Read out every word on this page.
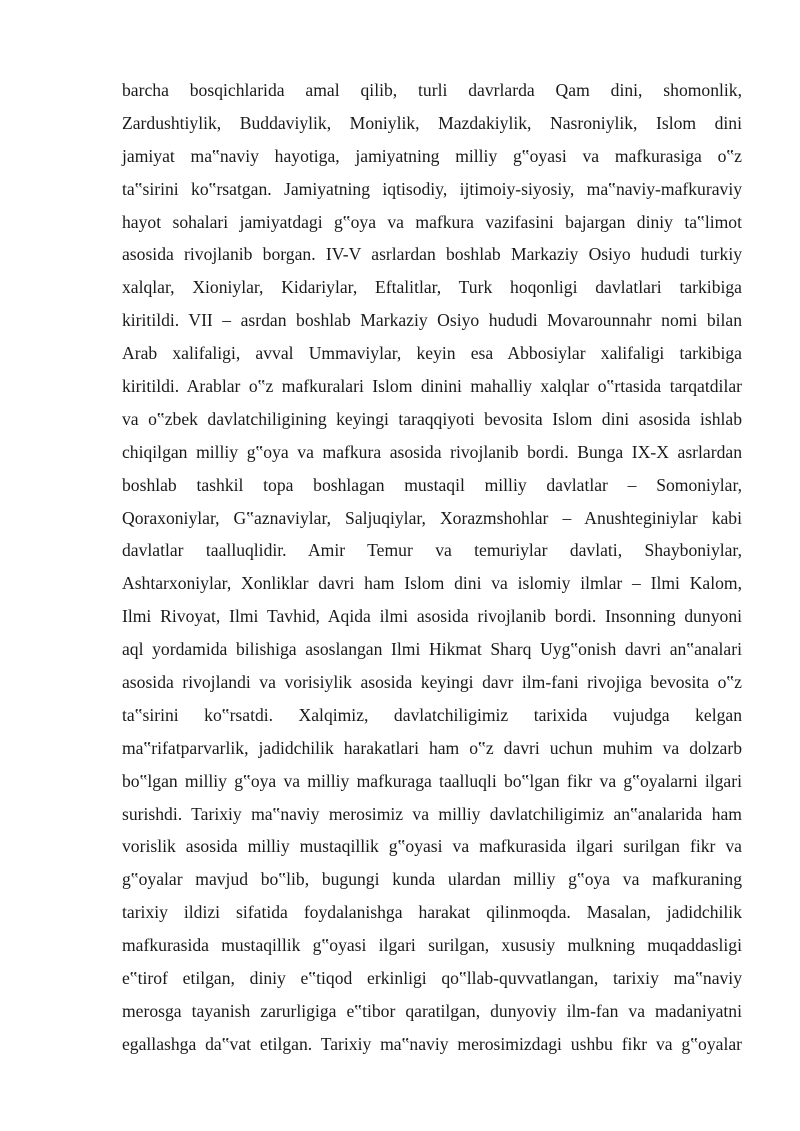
barcha bosqichlarida amal qilib, turli davrlarda Qam dini, shomonlik,
Zardushtiylik, Buddaviylik, Moniylik, Mazdakiylik, Nasroniylik, Islom dini
jamiyat ma‟naviy hayotiga, jamiyatning milliy g‟oyasi va mafkurasiga o‟z
ta‟sirini ko‟rsatgan. Jamiyatning iqtisodiy, ijtimoiy-siyosiy, ma‟naviy-mafkuraviy
hayot sohalari jamiyatdagi g‟oya va mafkura vazifasini bajargan diniy ta‟limot
asosida rivojlanib borgan. IV-V asrlardan boshlab Markaziy Osiyo hududi turkiy
xalqlar, Xioniylar, Kidariylar, Eftalitlar, Turk hoqonligi davlatlari tarkibiga
kiritildi. VII – asrdan boshlab Markaziy Osiyo hududi Movarounnahr nomi bilan
Arab xalifaligi, avval Ummaviylar, keyin esa Abbosiylar xalifaligi tarkibiga
kiritildi. Arablar o‟z mafkuralari Islom dinini mahalliy xalqlar o‟rtasida tarqatdilar
va o‟zbek davlatchiligining keyingi taraqqiyoti bevosita Islom dini asosida ishlab
chiqilgan milliy g‟oya va mafkura asosida rivojlanib bordi. Bunga IX-X asrlardan
boshlab tashkil topa boshlagan mustaqil milliy davlatlar – Somoniylar,
Qoraxoniylar, G‟aznaviylar, Saljuqiylar, Xorazmshohlar – Anushteginiylar kabi
davlatlar taalluqlidir. Amir Temur va temuriylar davlati, Shayboniylar,
Ashtarxoniylar, Xonliklar davri ham Islom dini va islomiy ilmlar – Ilmi Kalom,
Ilmi Rivoyat, Ilmi Tavhid, Aqida ilmi asosida rivojlanib bordi. Insonning dunyoni
aql yordamida bilishiga asoslangan Ilmi Hikmat Sharq Uyg‟onish davri an‟analari
asosida rivojlandi va vorisiylik asosida keyingi davr ilm-fani rivojiga bevosita o‟z
ta‟sirini ko‟rsatdi. Xalqimiz, davlatchiligimiz tarixida vujudga kelgan
ma‟rifatparvarlik, jadidchilik harakatlari ham o‟z davri uchun muhim va dolzarb
bo‟lgan milliy g‟oya va milliy mafkuraga taalluqli bo‟lgan fikr va g‟oyalarni ilgari
surishdi. Tarixiy ma‟naviy merosimiz va milliy davlatchiligimiz an‟analarida ham
vorislik asosida milliy mustaqillik g‟oyasi va mafkurasida ilgari surilgan fikr va
g‟oyalar mavjud bo‟lib, bugungi kunda ulardan milliy g‟oya va mafkuraning
tarixiy ildizi sifatida foydalanishga harakat qilinmoqda. Masalan, jadidchilik
mafkurasida mustaqillik g‟oyasi ilgari surilgan, xususiy mulkning muqaddasligi
e‟tirof etilgan, diniy e‟tiqod erkinligi qo‟llab-quvvatlangan, tarixiy ma‟naviy
merosga tayanish zarurligiga e‟tibor qaratilgan, dunyoviy ilm-fan va madaniyatni
egallashga da‟vat etilgan. Tarixiy ma‟naviy merosimizdagi ushbu fikr va g‟oyalar
